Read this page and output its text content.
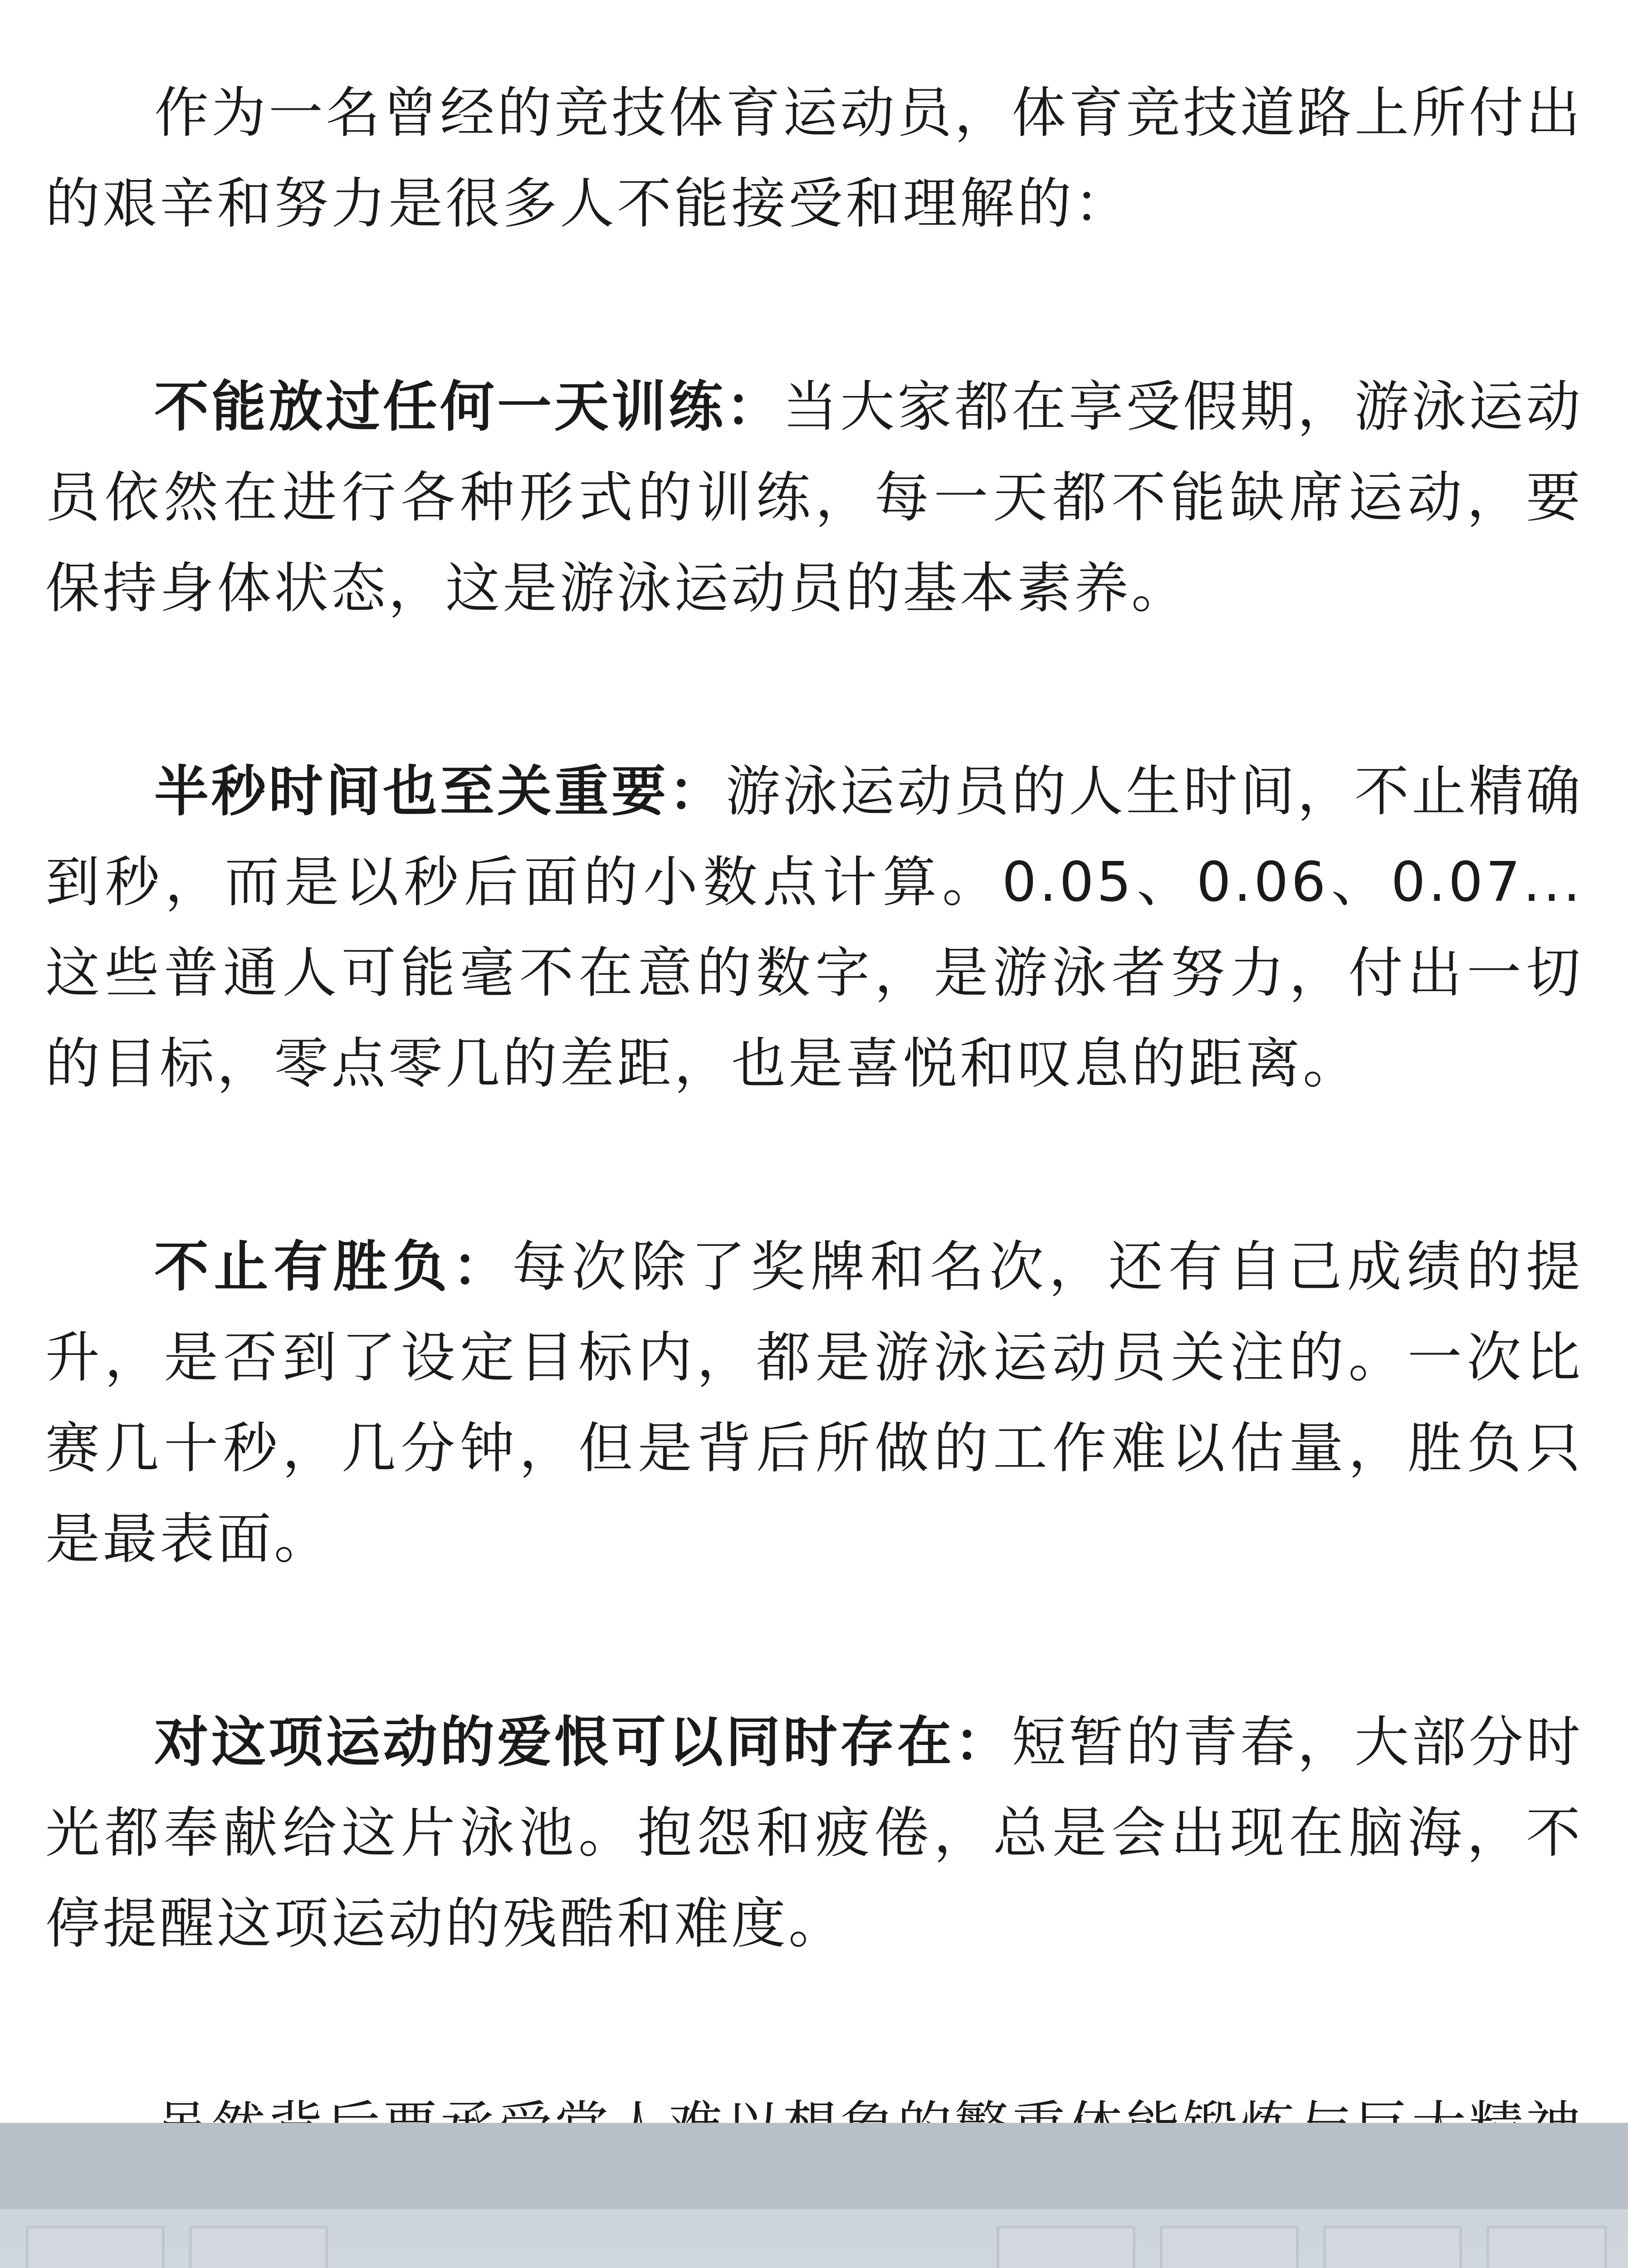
作为一名曾经的竞技体育运动员，体育竞技道路上所付出的艰辛和努力是很多人不能接受和理解的：

不能放过任何一天训练：当大家都在享受假期，游泳运动员依然在进行各种形式的训练，每一天都不能缺席运动，要保持身体状态，这是游泳运动员的基本素养。

半秒时间也至关重要：游泳运动员的人生时间，不止精确到秒，而是以秒后面的小数点计算。0.05、0.06、0.07...这些普通人可能毫不在意的数字，是游泳者努力，付出一切的目标，零点零几的差距，也是喜悦和叹息的距离。

不止有胜负：每次除了奖牌和名次，还有自己成绩的提升，是否到了设定目标内，都是游泳运动员关注的。一次比赛几十秒，几分钟，但是背后所做的工作难以估量，胜负只是最表面。

对这项运动的爱恨可以同时存在：短暂的青春，大部分时光都奉献给这片泳池。抱怨和疲倦，总是会出现在脑海，不停提醒这项运动的残酷和难度。
